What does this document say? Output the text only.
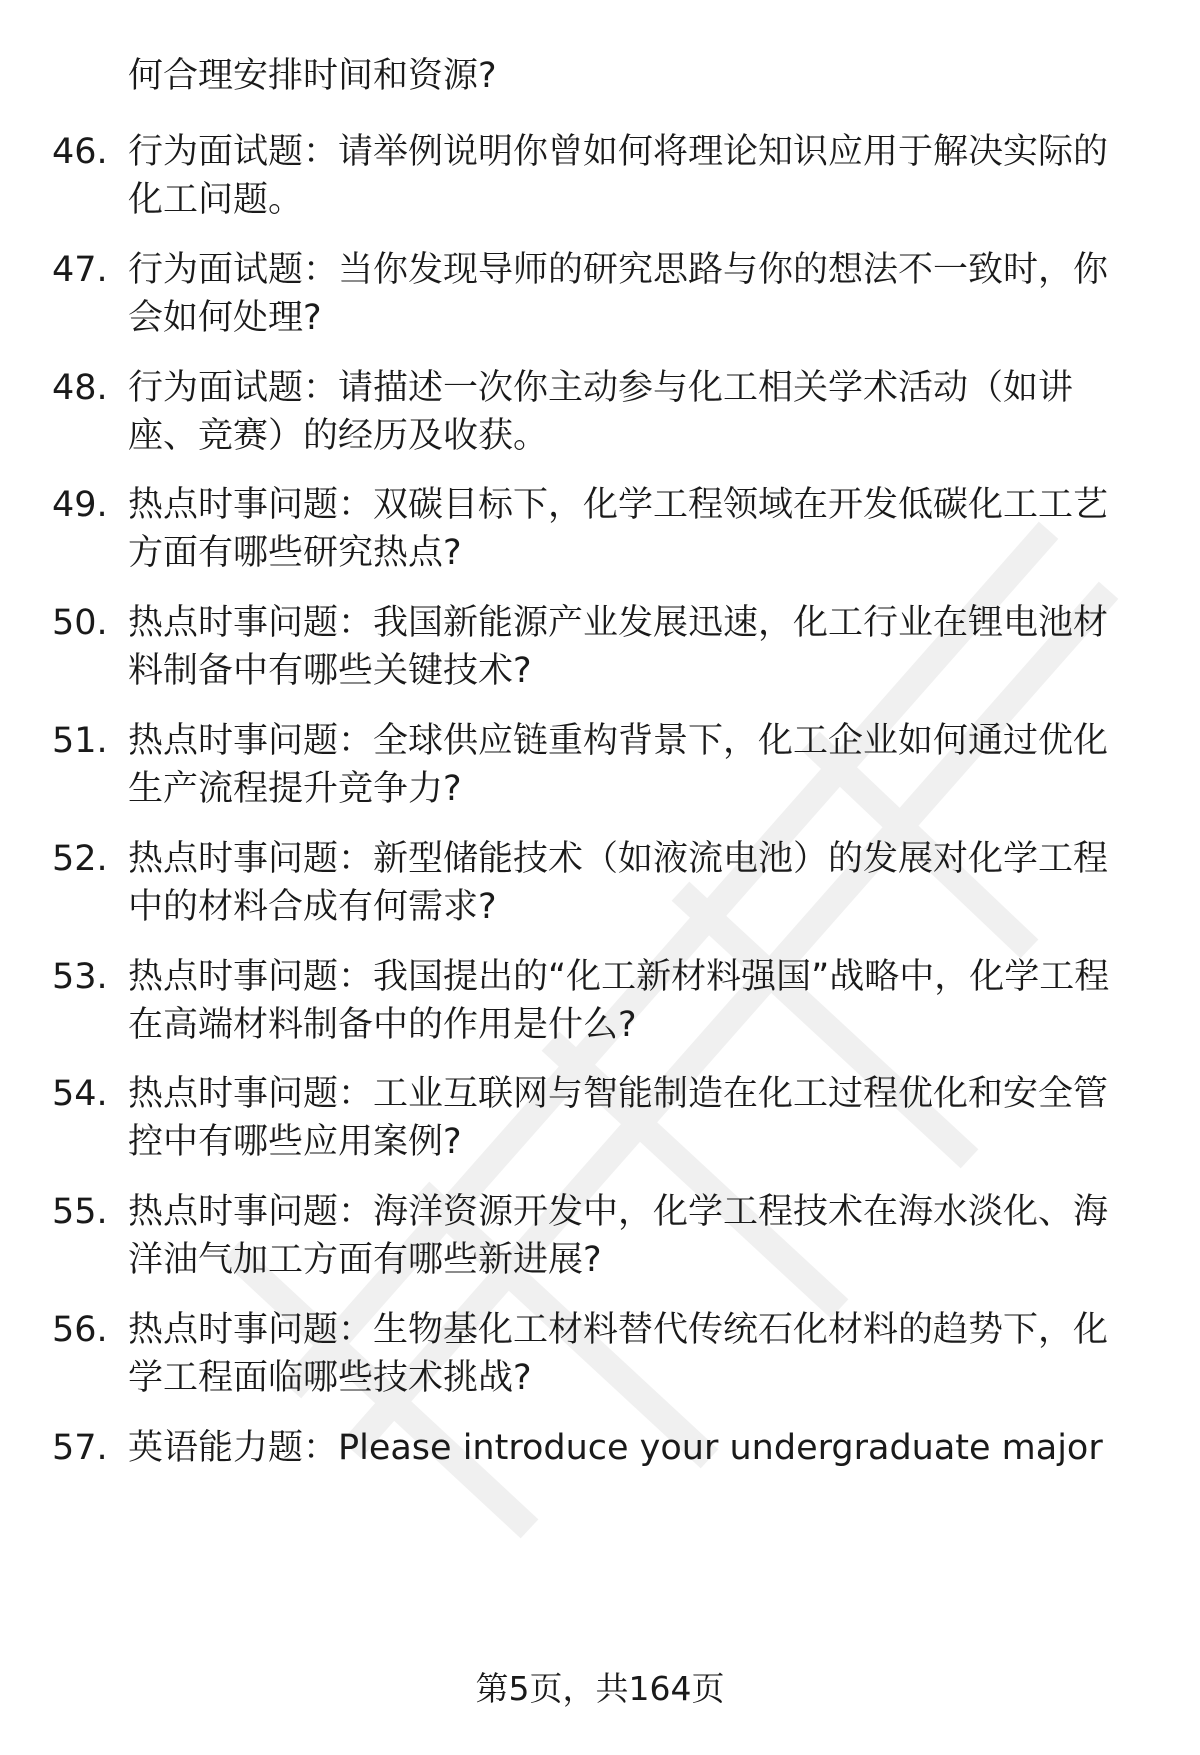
何合理安排时间和资源?

46. 行为面试题：请举例说明你曾如何将理论知识应用于解决实际的化工问题。

47. 行为面试题：当你发现导师的研究思路与你的想法不一致时，你会如何处理?

48. 行为面试题：请描述一次你主动参与化工相关学术活动（如讲座、竞赛）的经历及收获。

49. 热点时事问题：双碳目标下，化学工程领域在开发低碳化工工艺方面有哪些研究热点?

50. 热点时事问题：我国新能源产业发展迅速，化工行业在锂电池材料制备中有哪些关键技术?

51. 热点时事问题：全球供应链重构背景下，化工企业如何通过优化生产流程提升竞争力?

52. 热点时事问题：新型储能技术（如液流电池）的发展对化学工程中的材料合成有何需求?

53. 热点时事问题：我国提出的“化工新材料强国”战略中，化学工程在高端材料制备中的作用是什么?

54. 热点时事问题：工业互联网与智能制造在化工过程优化和安全管控中有哪些应用案例?

55. 热点时事问题：海洋资源开发中，化学工程技术在海水淡化、海洋油气加工方面有哪些新进展?

56. 热点时事问题：生物基化工材料替代传统石化材料的趋势下，化学工程面临哪些技术挑战?

57. 英语能力题：Please introduce your undergraduate major

第5页，共164页
